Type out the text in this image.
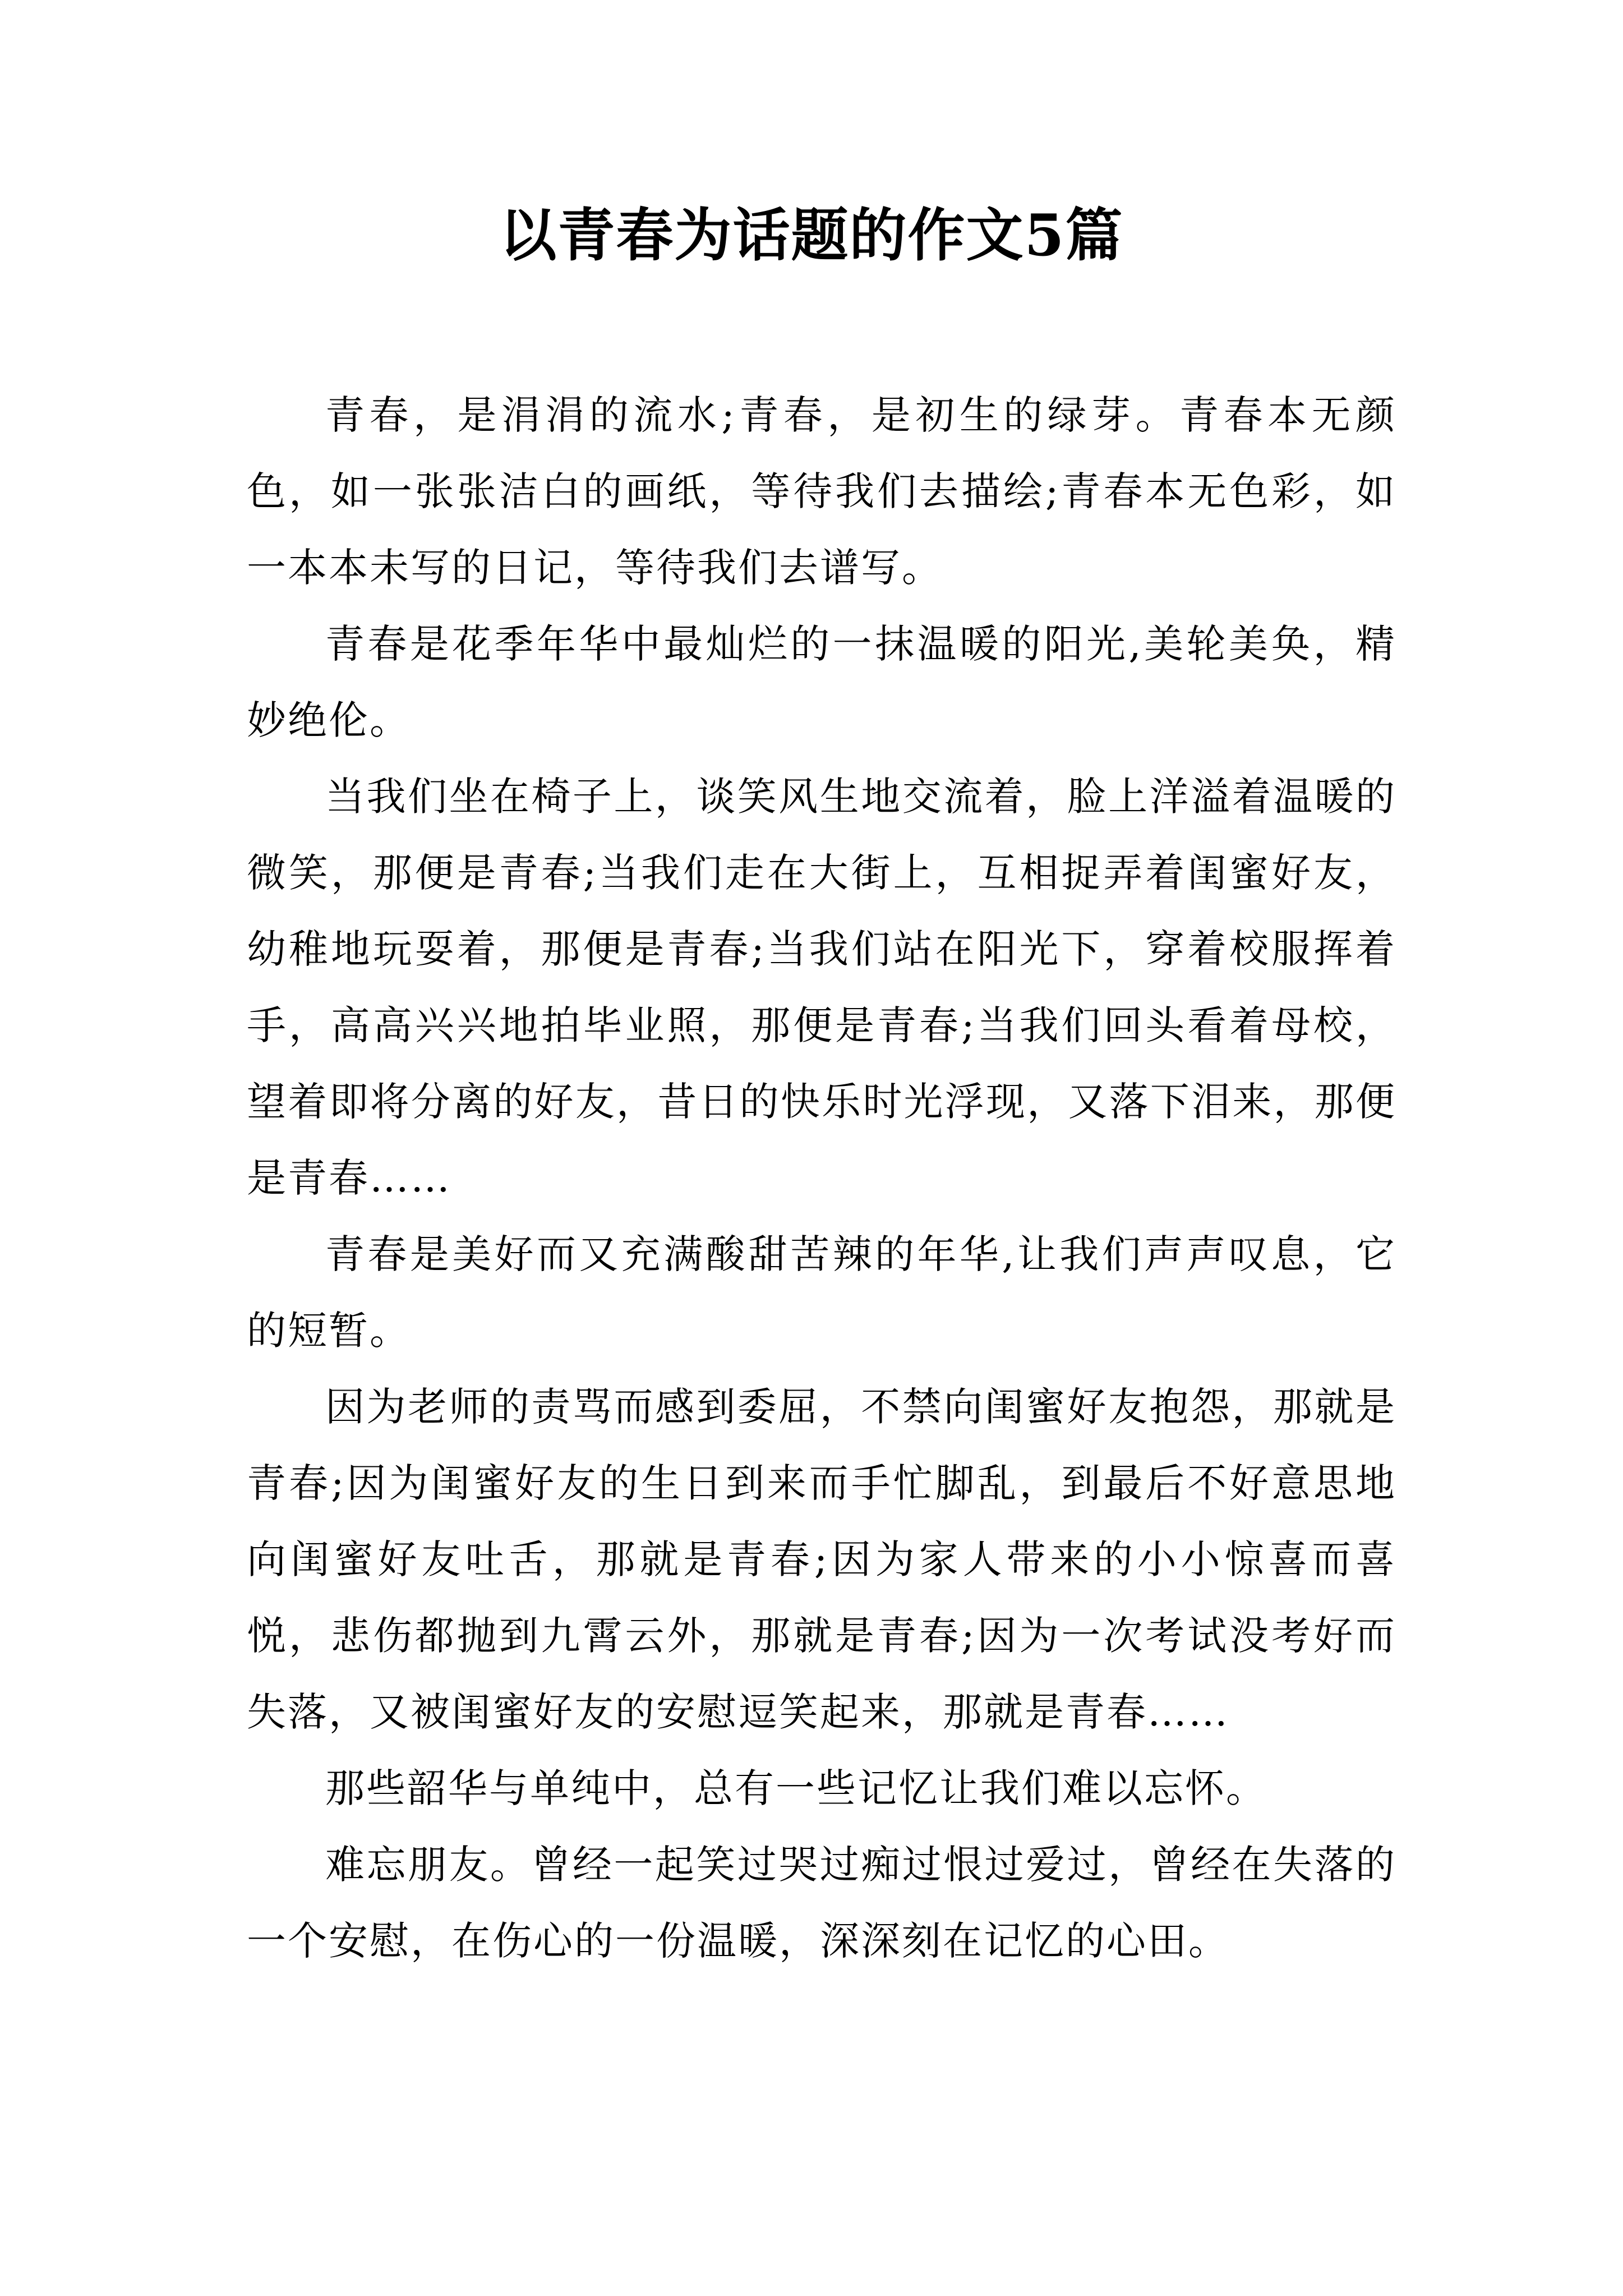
以青春为话题的作文5篇

青春，是涓涓的流水;青春，是初生的绿芽。青春本无颜色，如一张张洁白的画纸，等待我们去描绘;青春本无色彩，如一本本未写的日记，等待我们去谱写。

青春是花季年华中最灿烂的一抹温暖的阳光,美轮美奂，精妙绝伦。

当我们坐在椅子上，谈笑风生地交流着，脸上洋溢着温暖的微笑，那便是青春;当我们走在大街上，互相捉弄着闺蜜好友，幼稚地玩耍着，那便是青春;当我们站在阳光下，穿着校服挥着手，高高兴兴地拍毕业照，那便是青春;当我们回头看着母校，望着即将分离的好友，昔日的快乐时光浮现，又落下泪来，那便是青春……

青春是美好而又充满酸甜苦辣的年华,让我们声声叹息，它的短暂。

因为老师的责骂而感到委屈，不禁向闺蜜好友抱怨，那就是青春;因为闺蜜好友的生日到来而手忙脚乱，到最后不好意思地向闺蜜好友吐舌，那就是青春;因为家人带来的小小惊喜而喜悦，悲伤都抛到九霄云外，那就是青春;因为一次考试没考好而失落，又被闺蜜好友的安慰逗笑起来，那就是青春……

那些韶华与单纯中，总有一些记忆让我们难以忘怀。

难忘朋友。曾经一起笑过哭过痴过恨过爱过，曾经在失落的一个安慰，在伤心的一份温暖，深深刻在记忆的心田。
